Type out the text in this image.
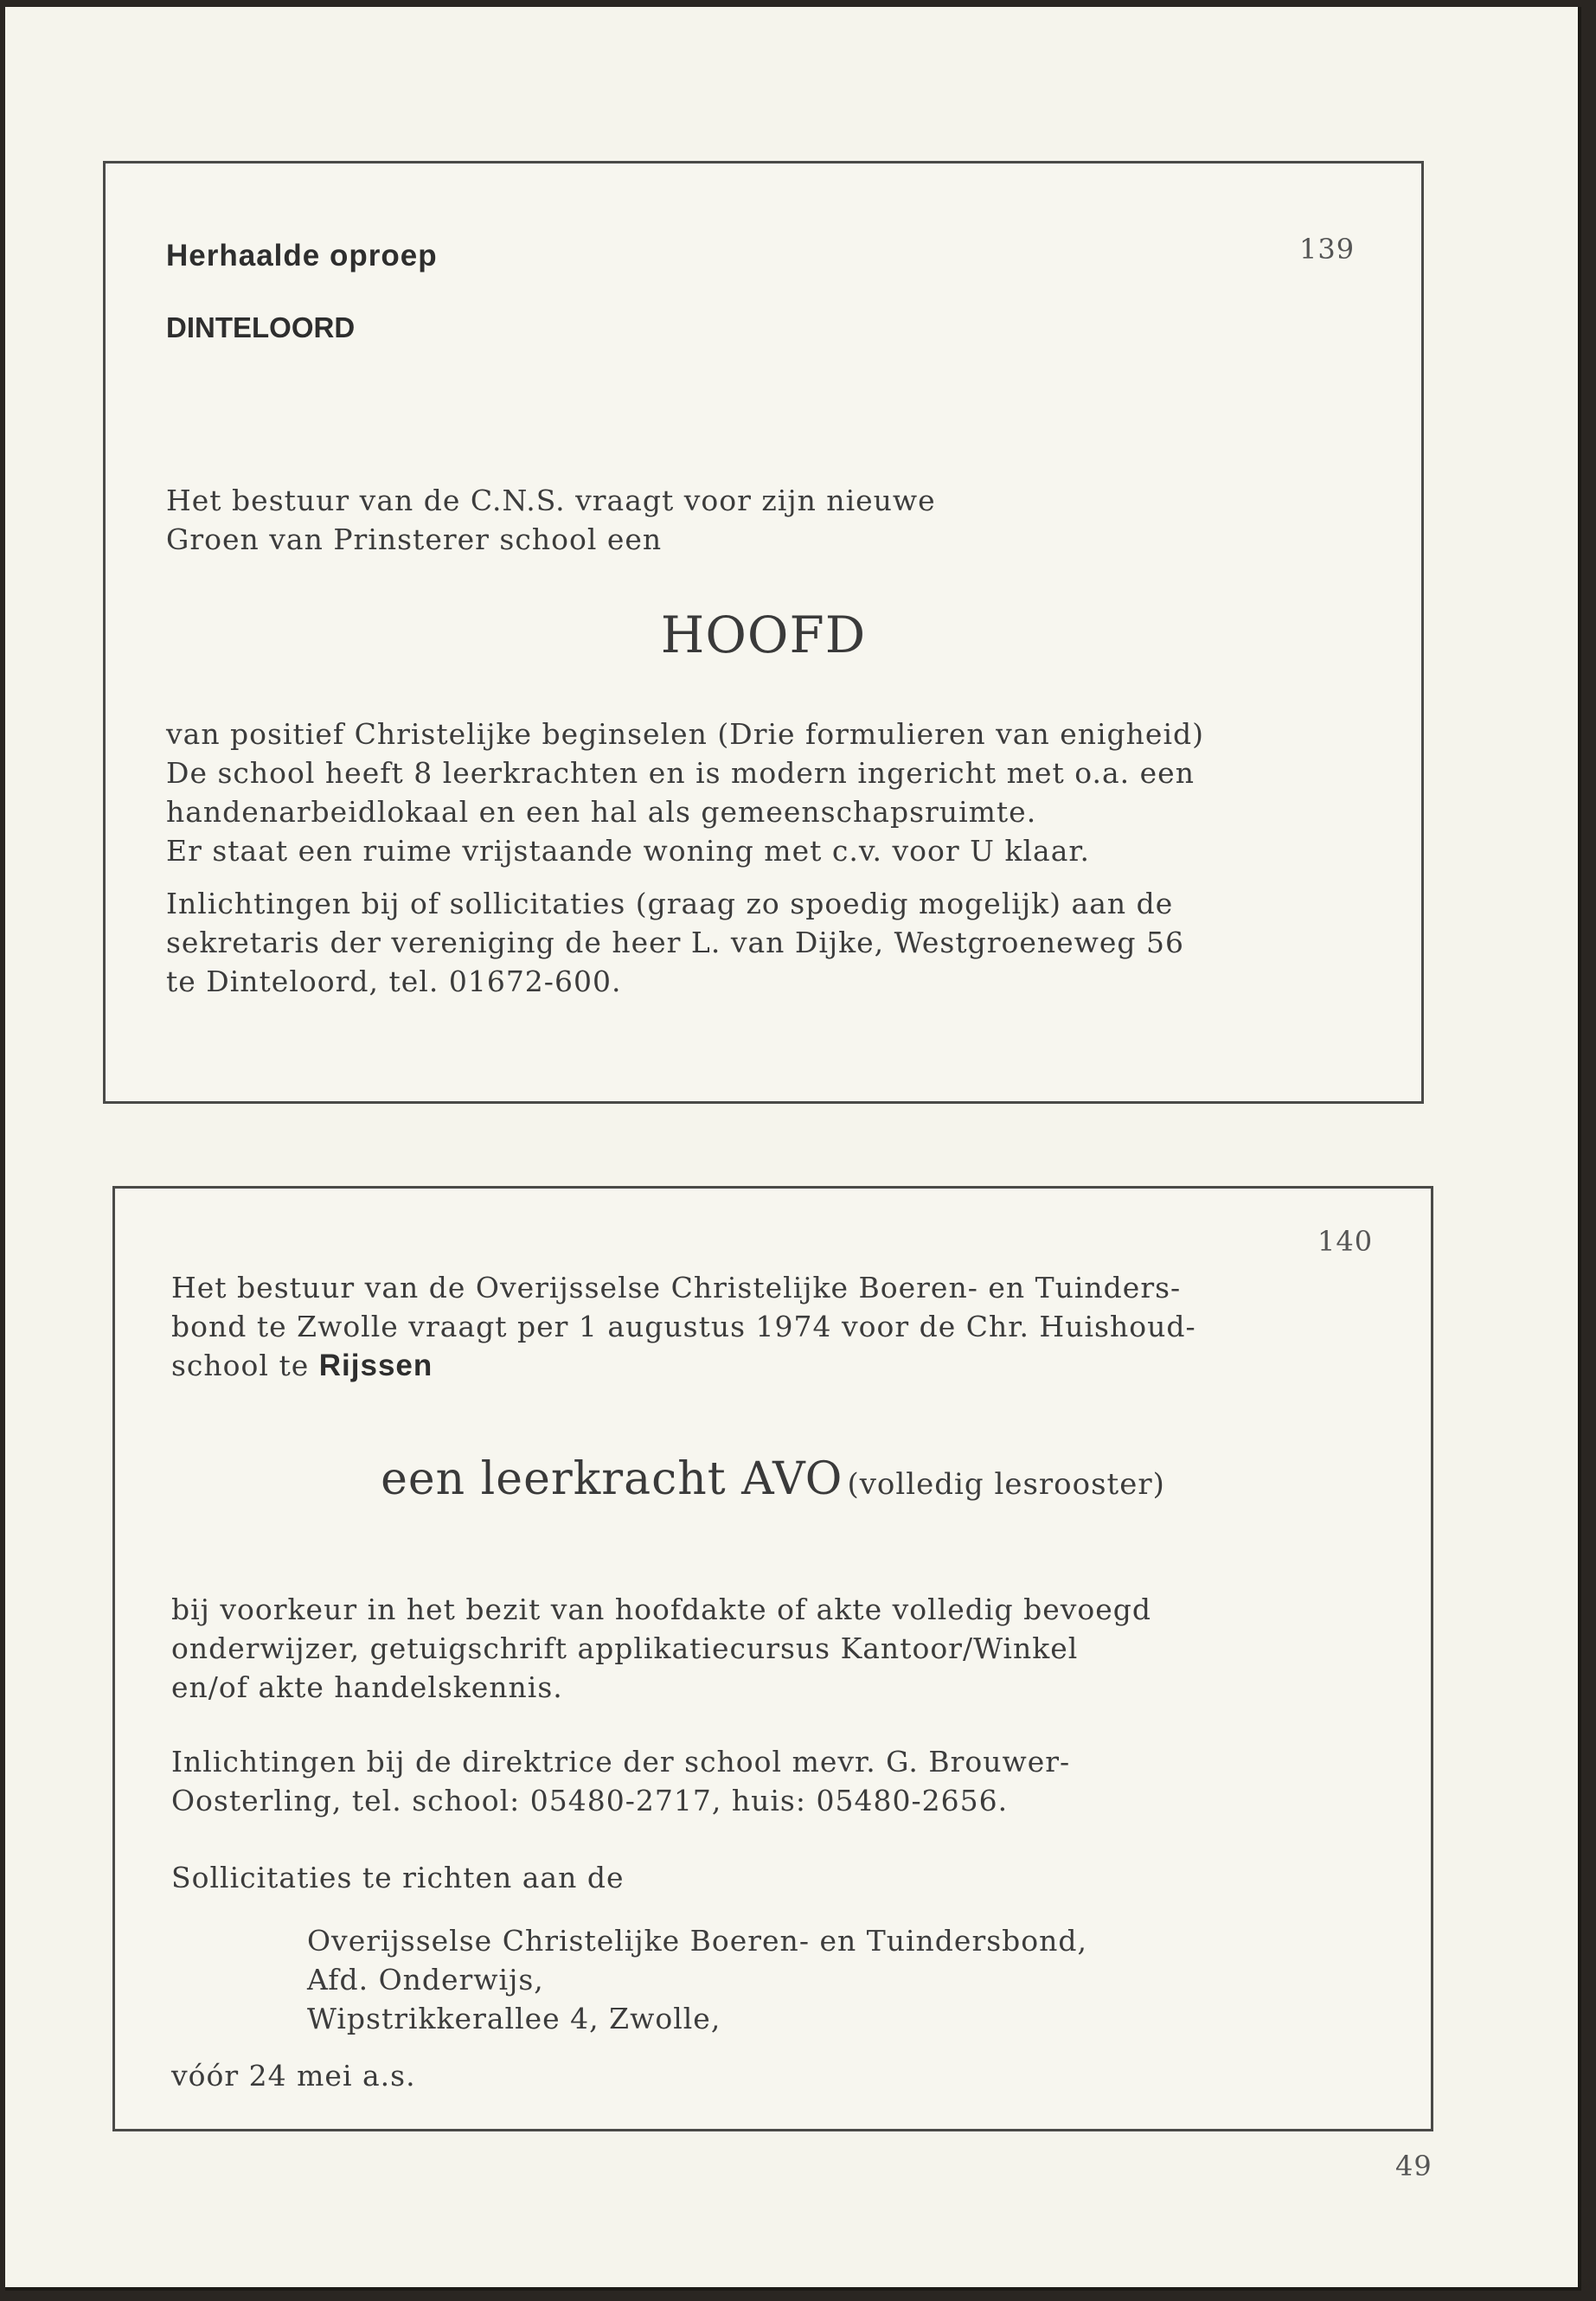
Herhaalde oproep	139
DINTELOORD
Het bestuur van de C.N.S. vraagt voor zijn nieuwe
Groen van Prinsterer school een
HOOFD
van positief Christelijke beginselen (Drie formulieren van enigheid)
De school heeft 8 leerkrachten en is modern ingericht met o.a. een
handenarbeidlokaal en een hal als gemeenschapsruimte.
Er staat een ruime vrijstaande woning met c.v. voor U klaar.
Inlichtingen bij of sollicitaties (graag zo spoedig mogelijk) aan de
sekretaris der vereniging de heer L. van Dijke, Westgroeneweg 56
te Dinteloord, tel. 01672-600.
140
Het bestuur van de Overijsselse Christelijke Boeren- en Tuinders-
bond te Zwolle vraagt per 1 augustus 1974 voor de Chr. Huishoud-
school te Rijssen
een leerkracht AVO (volledig lesrooster)
bij voorkeur in het bezit van hoofdakte of akte volledig bevoegd
onderwijzer, getuigschrift applikatiecursus Kantoor/Winkel
en/of akte handelskennis.
Inlichtingen bij de direktrice der school mevr. G. Brouwer-
Oosterling, tel. school: 05480-2717, huis: 05480-2656.
Sollicitaties te richten aan de
Overijsselse Christelijke Boeren- en Tuindersbond,
Afd. Onderwijs,
Wipstrikkerallee 4, Zwolle,
vóór 24 mei a.s.
49
